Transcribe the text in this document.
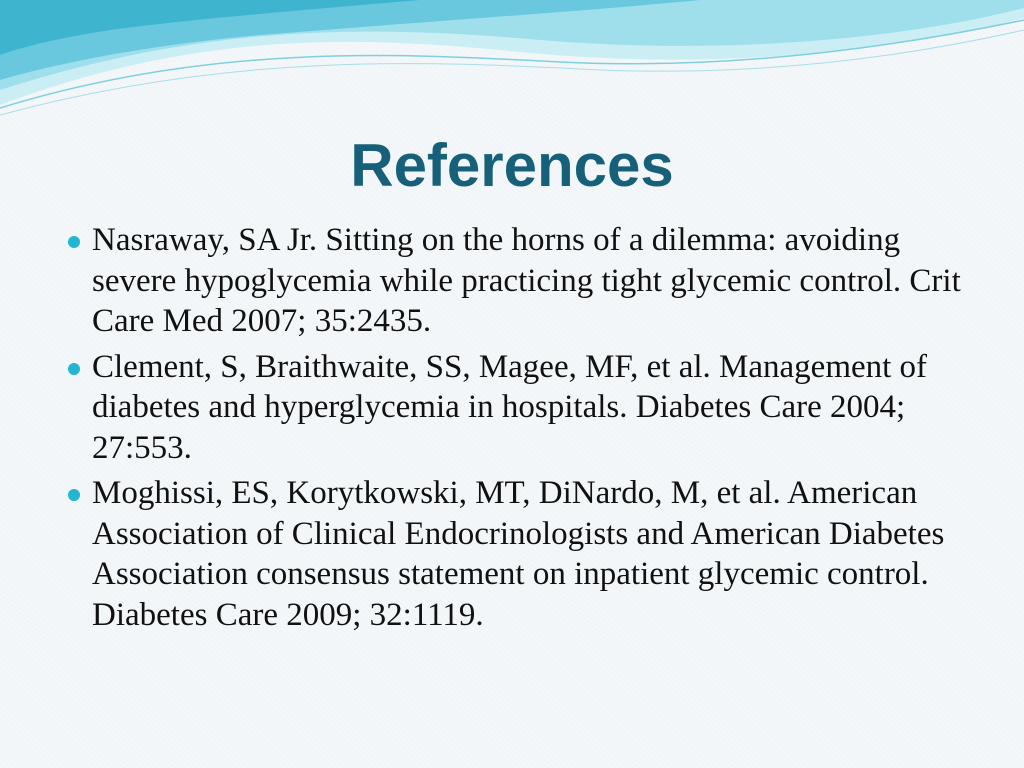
References
Nasraway, SA Jr. Sitting on the horns of a dilemma: avoiding severe hypoglycemia while practicing tight glycemic control. Crit Care Med 2007; 35:2435.
Clement, S, Braithwaite, SS, Magee, MF, et al. Management of diabetes and hyperglycemia in hospitals. Diabetes Care 2004; 27:553.
Moghissi, ES, Korytkowski, MT, DiNardo, M, et al. American Association of Clinical Endocrinologists and American Diabetes Association consensus statement on inpatient glycemic control. Diabetes Care 2009; 32:1119.
